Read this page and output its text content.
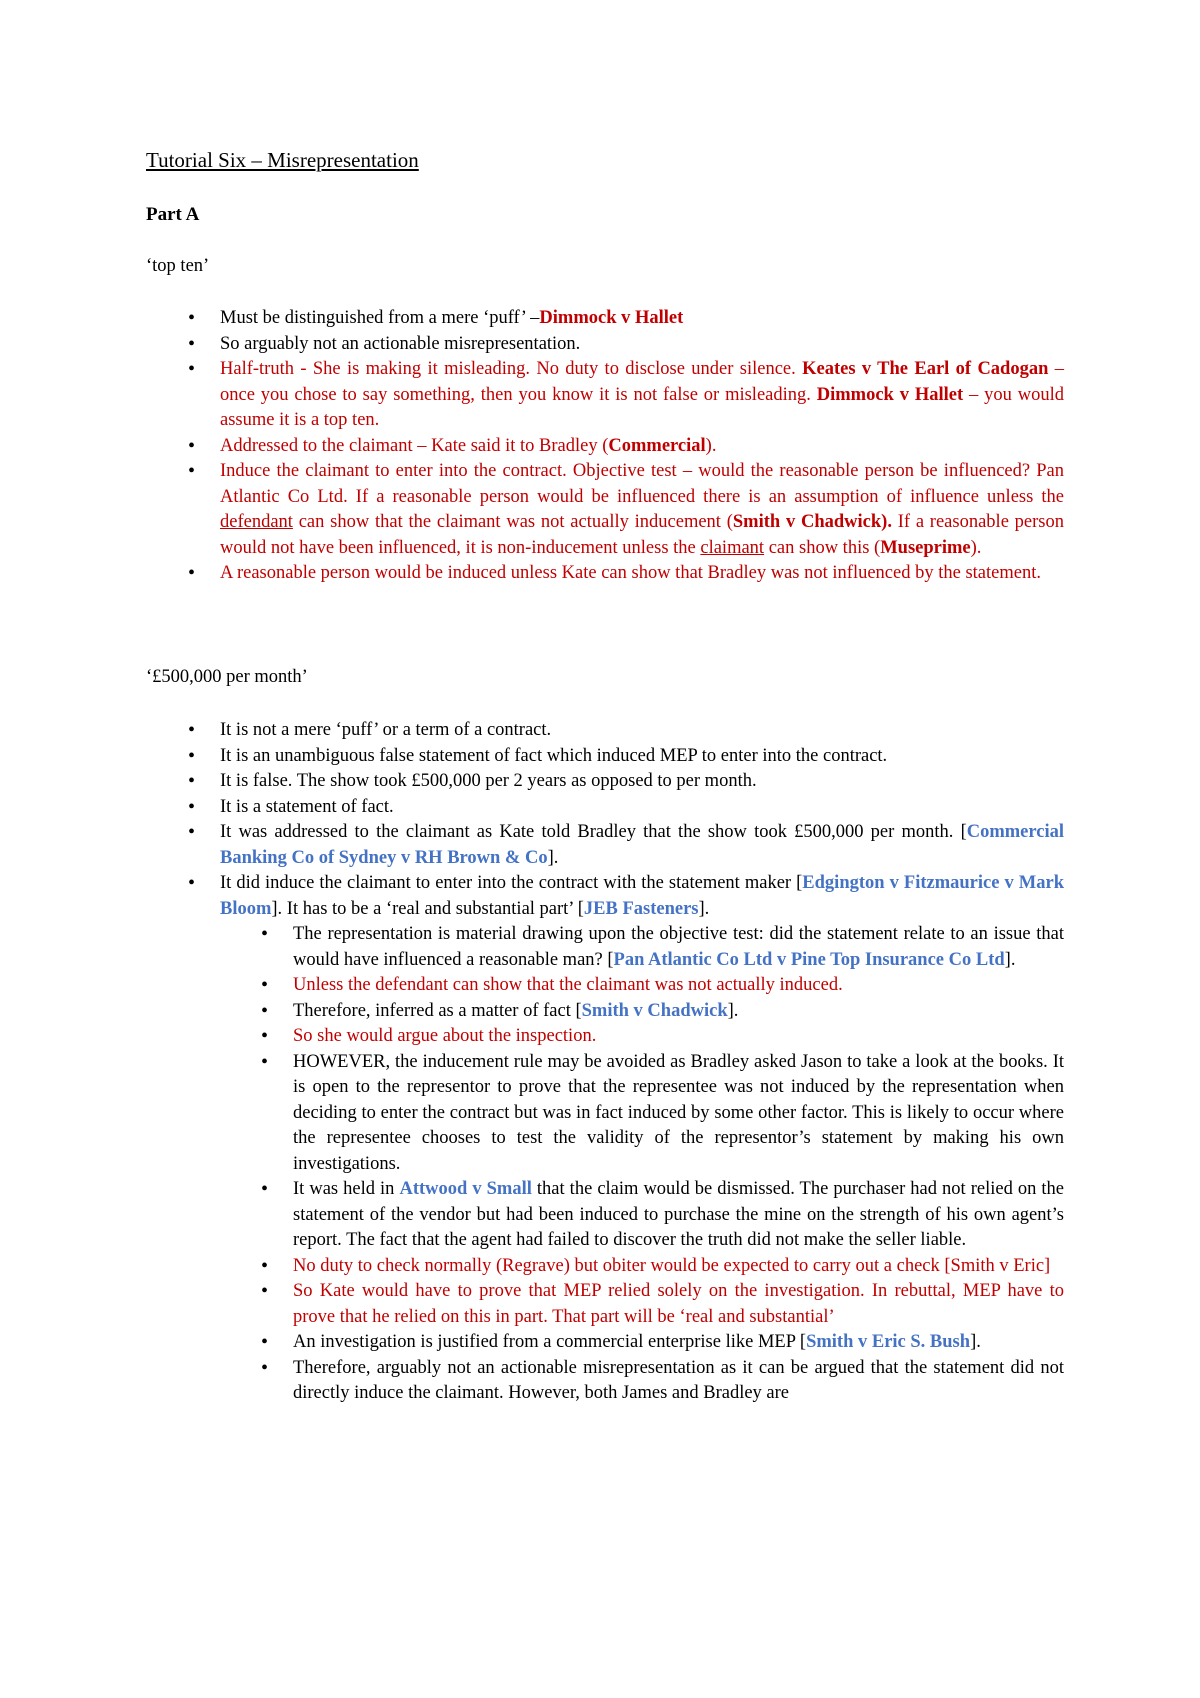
Tutorial Six – Misrepresentation
Part A
‘top ten’
• Must be distinguished from a mere ‘puff’ –Dimmock v Hallet
• So arguably not an actionable misrepresentation.
• Half-truth - She is making it misleading. No duty to disclose under silence. Keates v The Earl of Cadogan – once you chose to say something, then you know it is not false or misleading. Dimmock v Hallet – you would assume it is a top ten.
• Addressed to the claimant – Kate said it to Bradley (Commercial).
• Induce the claimant to enter into the contract. Objective test – would the reasonable person be influenced? Pan Atlantic Co Ltd. If a reasonable person would be influenced there is an assumption of influence unless the defendant can show that the claimant was not actually inducement (Smith v Chadwick). If a reasonable person would not have been influenced, it is non-inducement unless the claimant can show this (Museprime).
• A reasonable person would be induced unless Kate can show that Bradley was not influenced by the statement.
‘£500,000 per month’
• It is not a mere ‘puff’ or a term of a contract.
• It is an unambiguous false statement of fact which induced MEP to enter into the contract.
• It is false. The show took £500,000 per 2 years as opposed to per month.
• It is a statement of fact.
• It was addressed to the claimant as Kate told Bradley that the show took £500,000 per month. [Commercial Banking Co of Sydney v RH Brown & Co].
• It did induce the claimant to enter into the contract with the statement maker [Edgington v Fitzmaurice v Mark Bloom]. It has to be a ‘real and substantial part’ [JEB Fasteners].
• The representation is material drawing upon the objective test: did the statement relate to an issue that would have influenced a reasonable man? [Pan Atlantic Co Ltd v Pine Top Insurance Co Ltd].
• Unless the defendant can show that the claimant was not actually induced.
• Therefore, inferred as a matter of fact [Smith v Chadwick].
• So she would argue about the inspection.
• HOWEVER, the inducement rule may be avoided as Bradley asked Jason to take a look at the books. It is open to the representor to prove that the representee was not induced by the representation when deciding to enter the contract but was in fact induced by some other factor. This is likely to occur where the representee chooses to test the validity of the representor’s statement by making his own investigations.
• It was held in Attwood v Small that the claim would be dismissed. The purchaser had not relied on the statement of the vendor but had been induced to purchase the mine on the strength of his own agent’s report. The fact that the agent had failed to discover the truth did not make the seller liable.
• No duty to check normally (Regrave) but obiter would be expected to carry out a check [Smith v Eric]
• So Kate would have to prove that MEP relied solely on the investigation. In rebuttal, MEP have to prove that he relied on this in part. That part will be ‘real and substantial’
• An investigation is justified from a commercial enterprise like MEP [Smith v Eric S. Bush].
• Therefore, arguably not an actionable misrepresentation as it can be argued that the statement did not directly induce the claimant. However, both James and Bradley are
